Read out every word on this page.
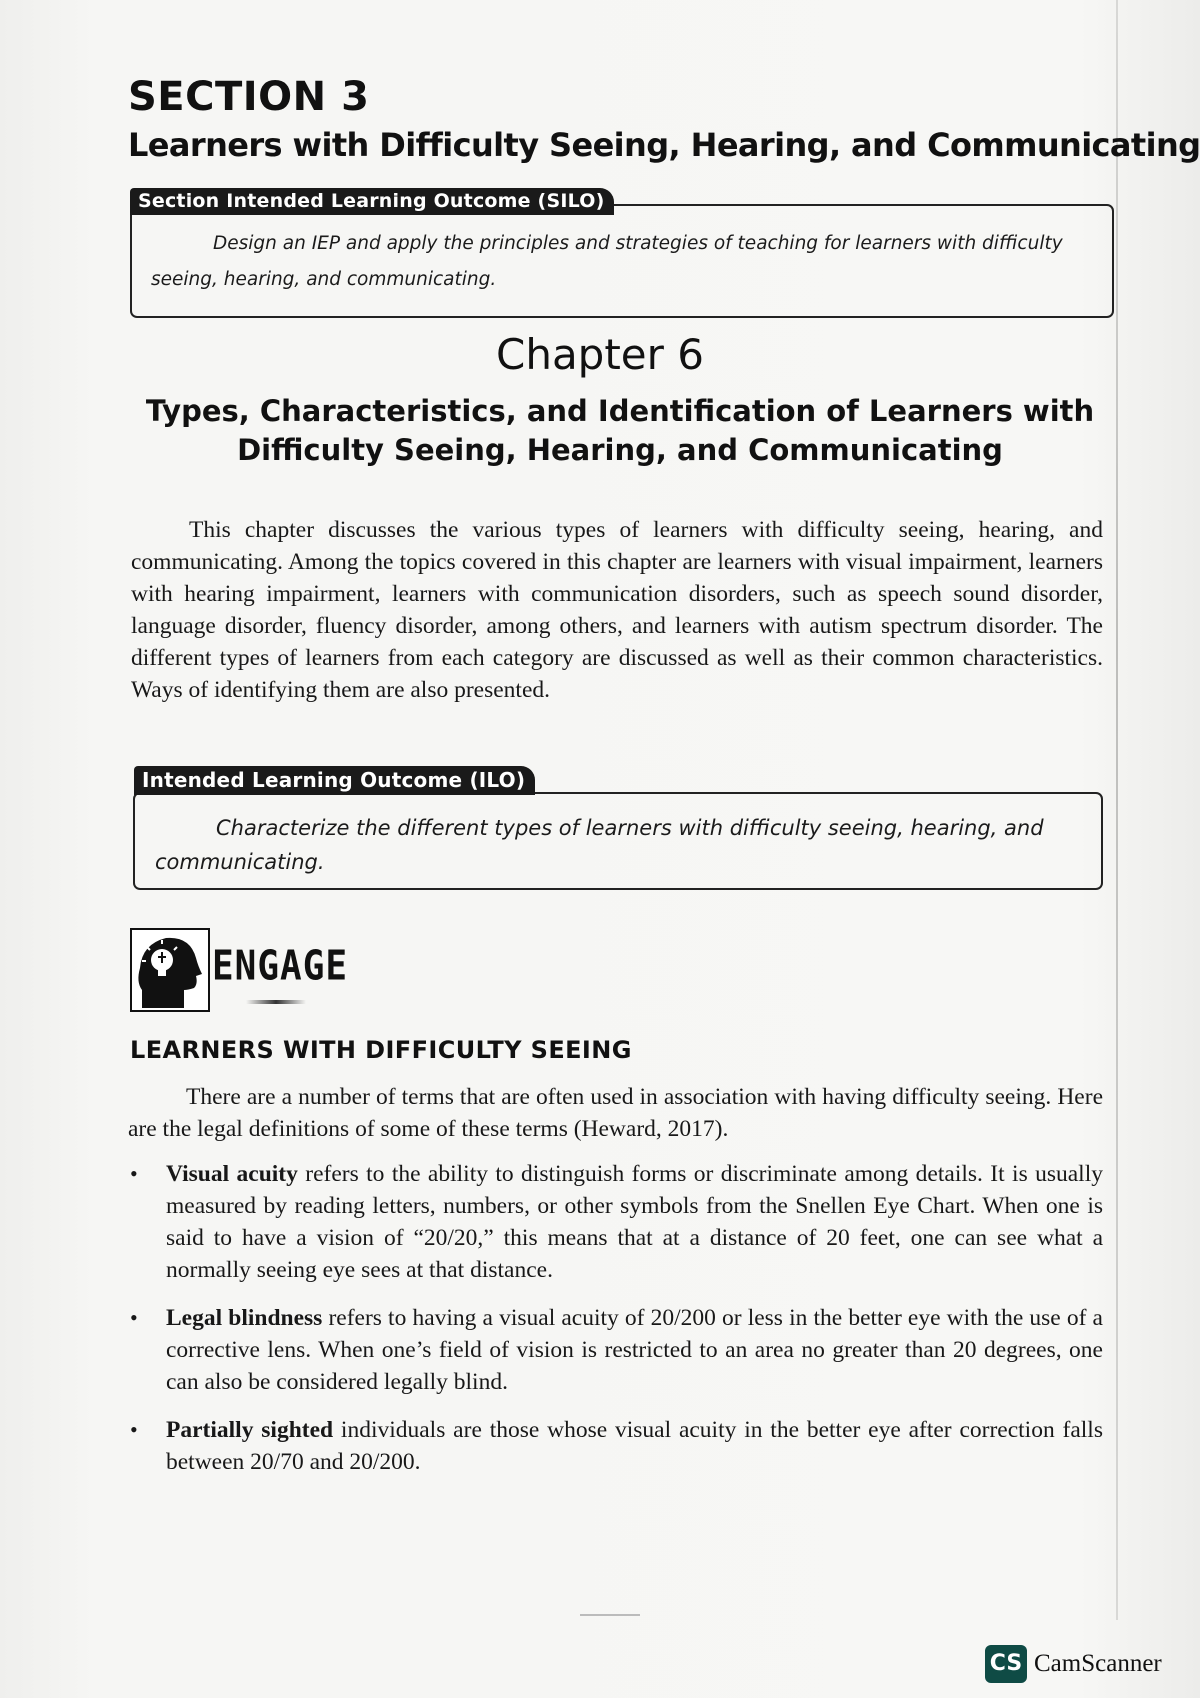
SECTION 3
Learners with Difficulty Seeing, Hearing, and Communicating
Section Intended Learning Outcome (SILO)
Design an IEP and apply the principles and strategies of teaching for learners with difficulty
seeing, hearing, and communicating.
Chapter 6
Types, Characteristics, and Identification of Learners with
Difficulty Seeing, Hearing, and Communicating
This chapter discusses the various types of learners with difficulty seeing, hearing, and communicating. Among the topics covered in this chapter are learners with visual impairment, learners with hearing impairment, learners with communication disorders, such as speech sound disorder, language disorder, fluency disorder, among others, and learners with autism spectrum disorder. The different types of learners from each category are discussed as well as their common characteristics. Ways of identifying them are also presented.
Intended Learning Outcome (ILO)
Characterize the different types of learners with difficulty seeing, hearing, and
communicating.
ENGAGE
LEARNERS WITH DIFFICULTY SEEING
There are a number of terms that are often used in association with having difficulty seeing. Here are the legal definitions of some of these terms (Heward, 2017).
• Visual acuity refers to the ability to distinguish forms or discriminate among details. It is usually measured by reading letters, numbers, or other symbols from the Snellen Eye Chart. When one is said to have a vision of “20/20,” this means that at a distance of 20 feet, one can see what a normally seeing eye sees at that distance.
• Legal blindness refers to having a visual acuity of 20/200 or less in the better eye with the use of a corrective lens. When one’s field of vision is restricted to an area no greater than 20 degrees, one can also be considered legally blind.
• Partially sighted individuals are those whose visual acuity in the better eye after correction falls between 20/70 and 20/200.
CS CamScanner
